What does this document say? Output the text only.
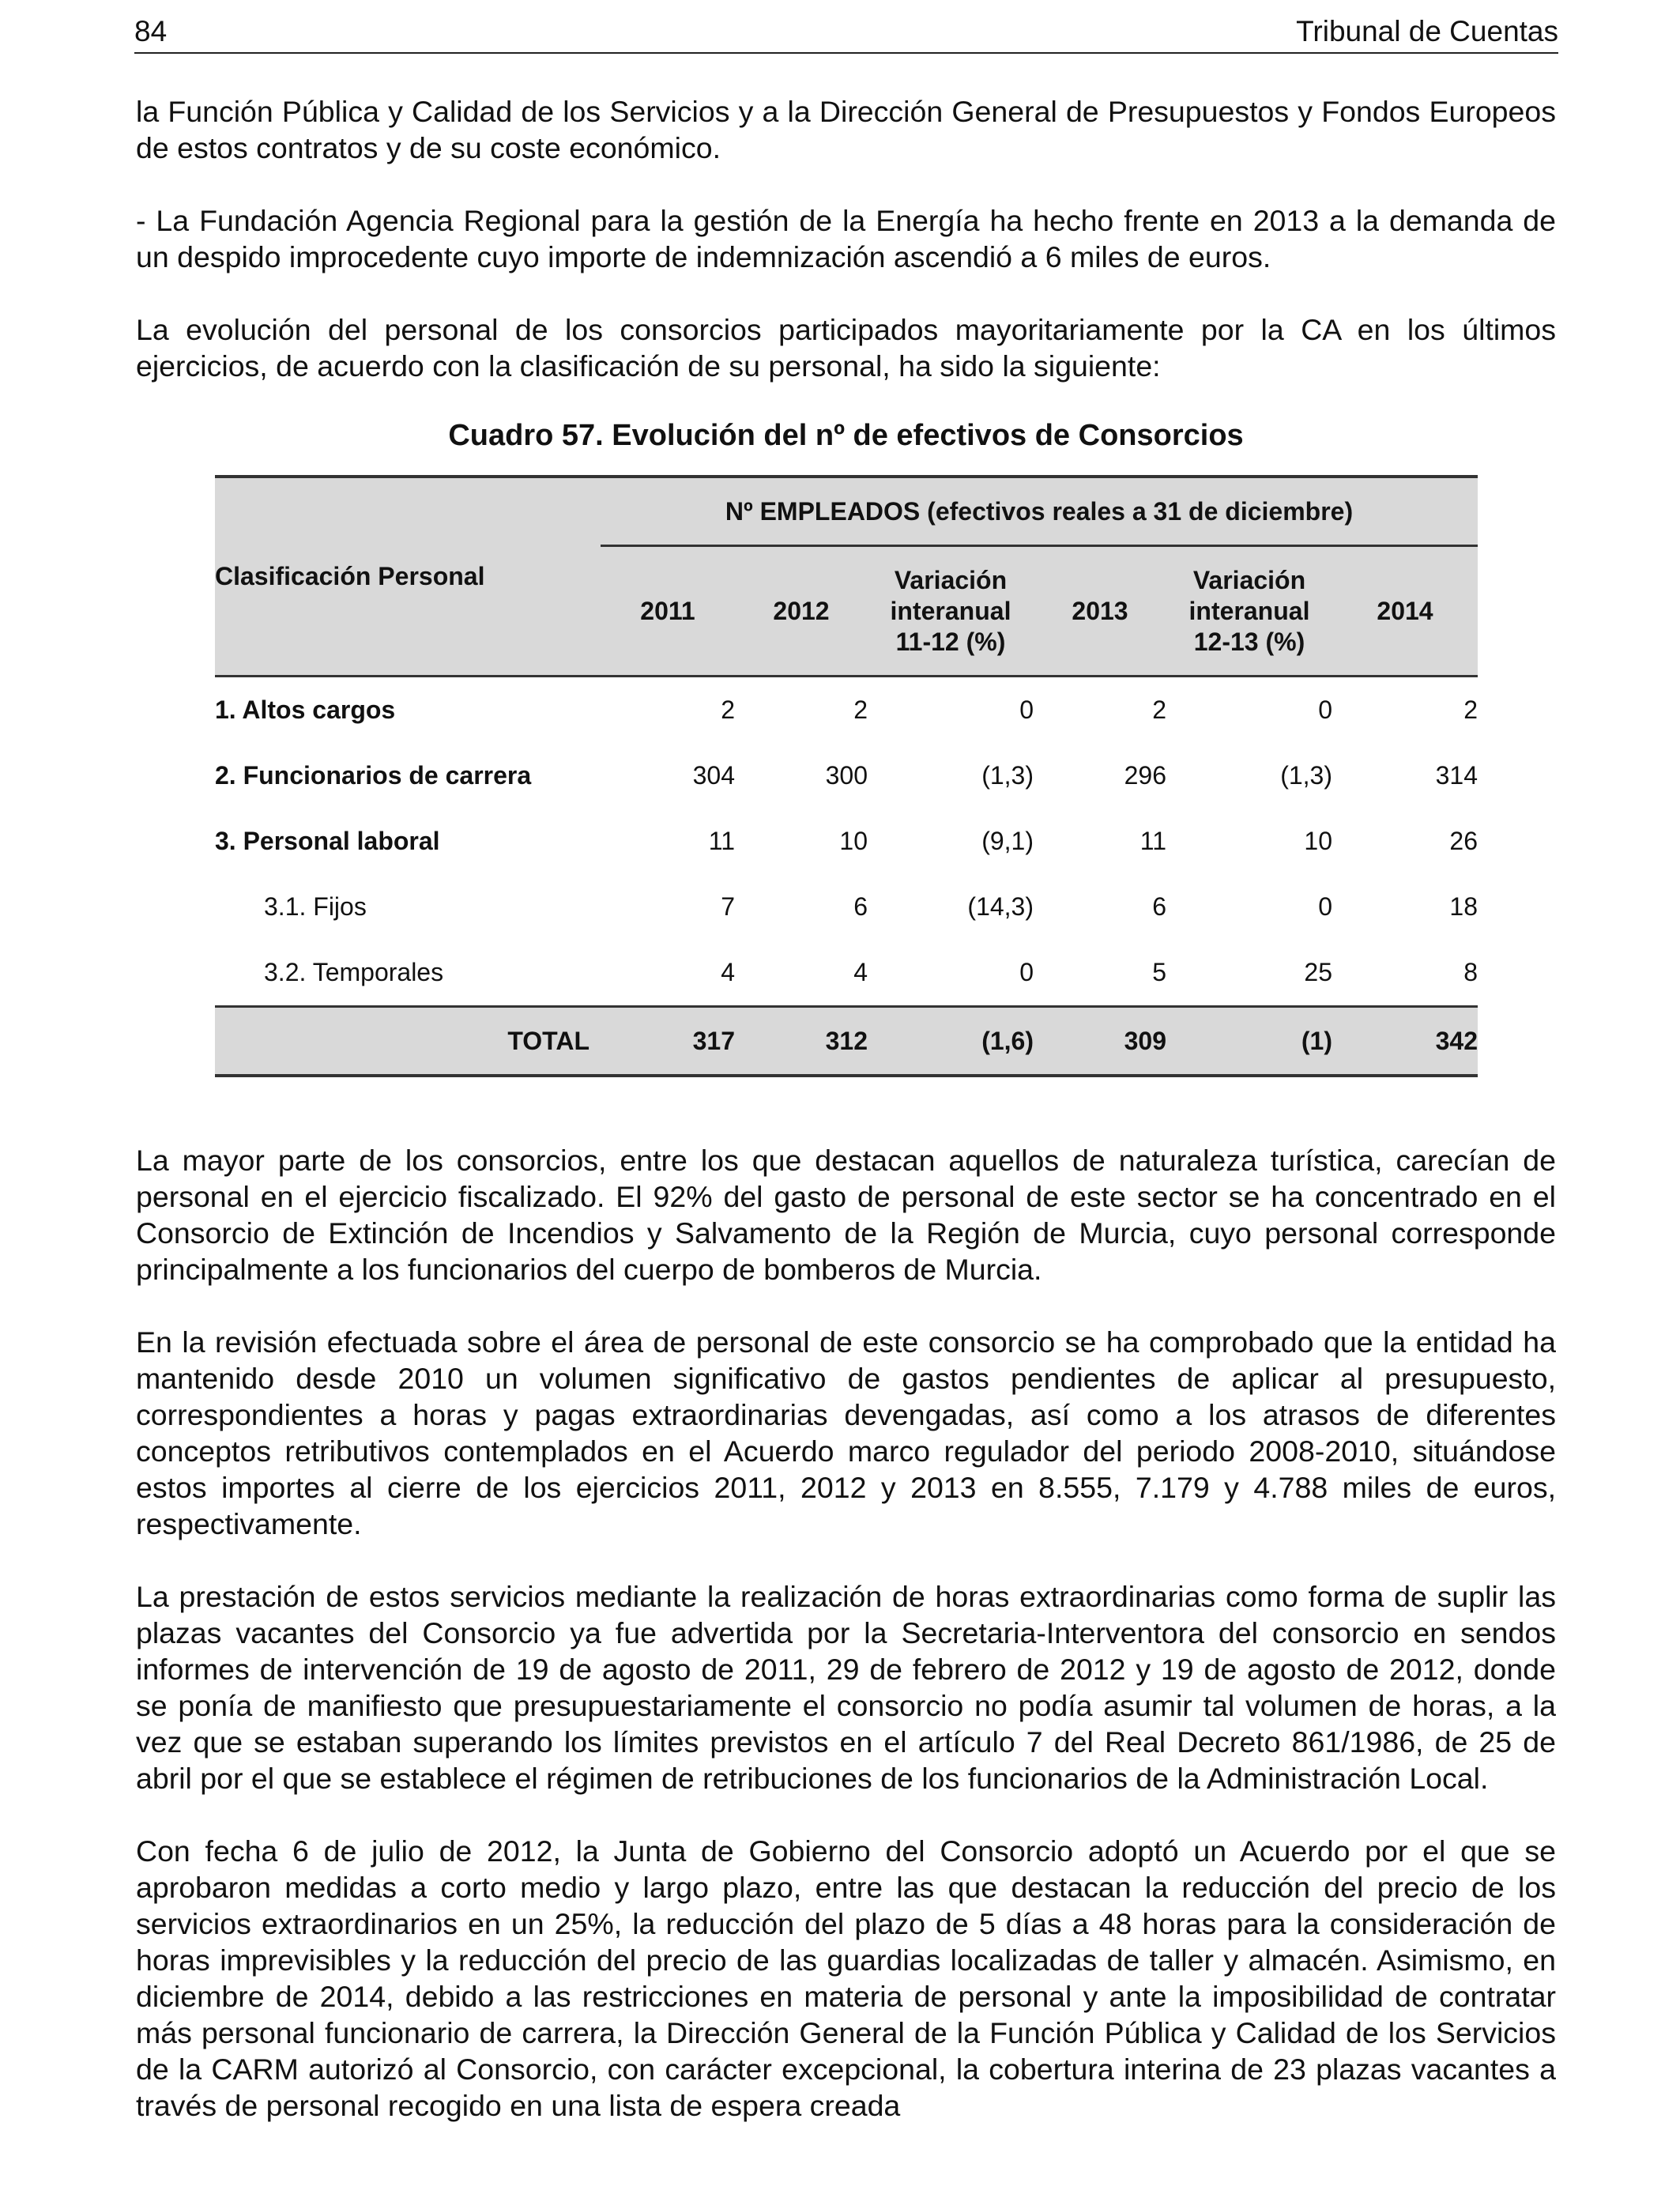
84	Tribunal de Cuentas

la Función Pública y Calidad de los Servicios y a la Dirección General de Presupuestos y Fondos Europeos de estos contratos y de su coste económico.

- La Fundación Agencia Regional para la gestión de la Energía ha hecho frente en 2013 a la demanda de un despido improcedente cuyo importe de indemnización ascendió a 6 miles de euros.

La evolución del personal de los consorcios participados mayoritariamente por la CA en los últimos ejercicios, de acuerdo con la clasificación de su personal, ha sido la siguiente:

Cuadro 57. Evolución del nº de efectivos de Consorcios
Clasificación Personal	Nº EMPLEADOS (efectivos reales a 31 de diciembre)					
	2011	2012	Variación interanual 11-12 (%)	2013	Variación interanual 12-13 (%)	2014
1. Altos cargos	2	2	0	2	0	2
2. Funcionarios de carrera	304	300	(1,3)	296	(1,3)	314
3. Personal laboral	11	10	(9,1)	11	10	26
3.1. Fijos	7	6	(14,3)	6	0	18
3.2. Temporales	4	4	0	5	25	8
TOTAL	317	312	(1,6)	309	(1)	342

La mayor parte de los consorcios, entre los que destacan aquellos de naturaleza turística, carecían de personal en el ejercicio fiscalizado. El 92% del gasto de personal de este sector se ha concentrado en el Consorcio de Extinción de Incendios y Salvamento de la Región de Murcia, cuyo personal corresponde principalmente a los funcionarios del cuerpo de bomberos de Murcia.

En la revisión efectuada sobre el área de personal de este consorcio se ha comprobado que la entidad ha mantenido desde 2010 un volumen significativo de gastos pendientes de aplicar al presupuesto, correspondientes a horas y pagas extraordinarias devengadas, así como a los atrasos de diferentes conceptos retributivos contemplados en el Acuerdo marco regulador del periodo 2008-2010, situándose estos importes al cierre de los ejercicios 2011, 2012 y 2013 en 8.555, 7.179 y 4.788 miles de euros, respectivamente.

La prestación de estos servicios mediante la realización de horas extraordinarias como forma de suplir las plazas vacantes del Consorcio ya fue advertida por la Secretaria-Interventora del consorcio en sendos informes de intervención de 19 de agosto de 2011, 29 de febrero de 2012 y 19 de agosto de 2012, donde se ponía de manifiesto que presupuestariamente el consorcio no podía asumir tal volumen de horas, a la vez que se estaban superando los límites previstos en el artículo 7 del Real Decreto 861/1986, de 25 de abril por el que se establece el régimen de retribuciones de los funcionarios de la Administración Local.

Con fecha 6 de julio de 2012, la Junta de Gobierno del Consorcio adoptó un Acuerdo por el que se aprobaron medidas a corto medio y largo plazo, entre las que destacan la reducción del precio de los servicios extraordinarios en un 25%, la reducción del plazo de 5 días a 48 horas para la consideración de horas imprevisibles y la reducción del precio de las guardias localizadas de taller y almacén. Asimismo, en diciembre de 2014, debido a las restricciones en materia de personal y ante la imposibilidad de contratar más personal funcionario de carrera, la Dirección General de la Función Pública y Calidad de los Servicios de la CARM autorizó al Consorcio, con carácter excepcional, la cobertura interina de 23 plazas vacantes a través de personal recogido en una lista de espera creada
